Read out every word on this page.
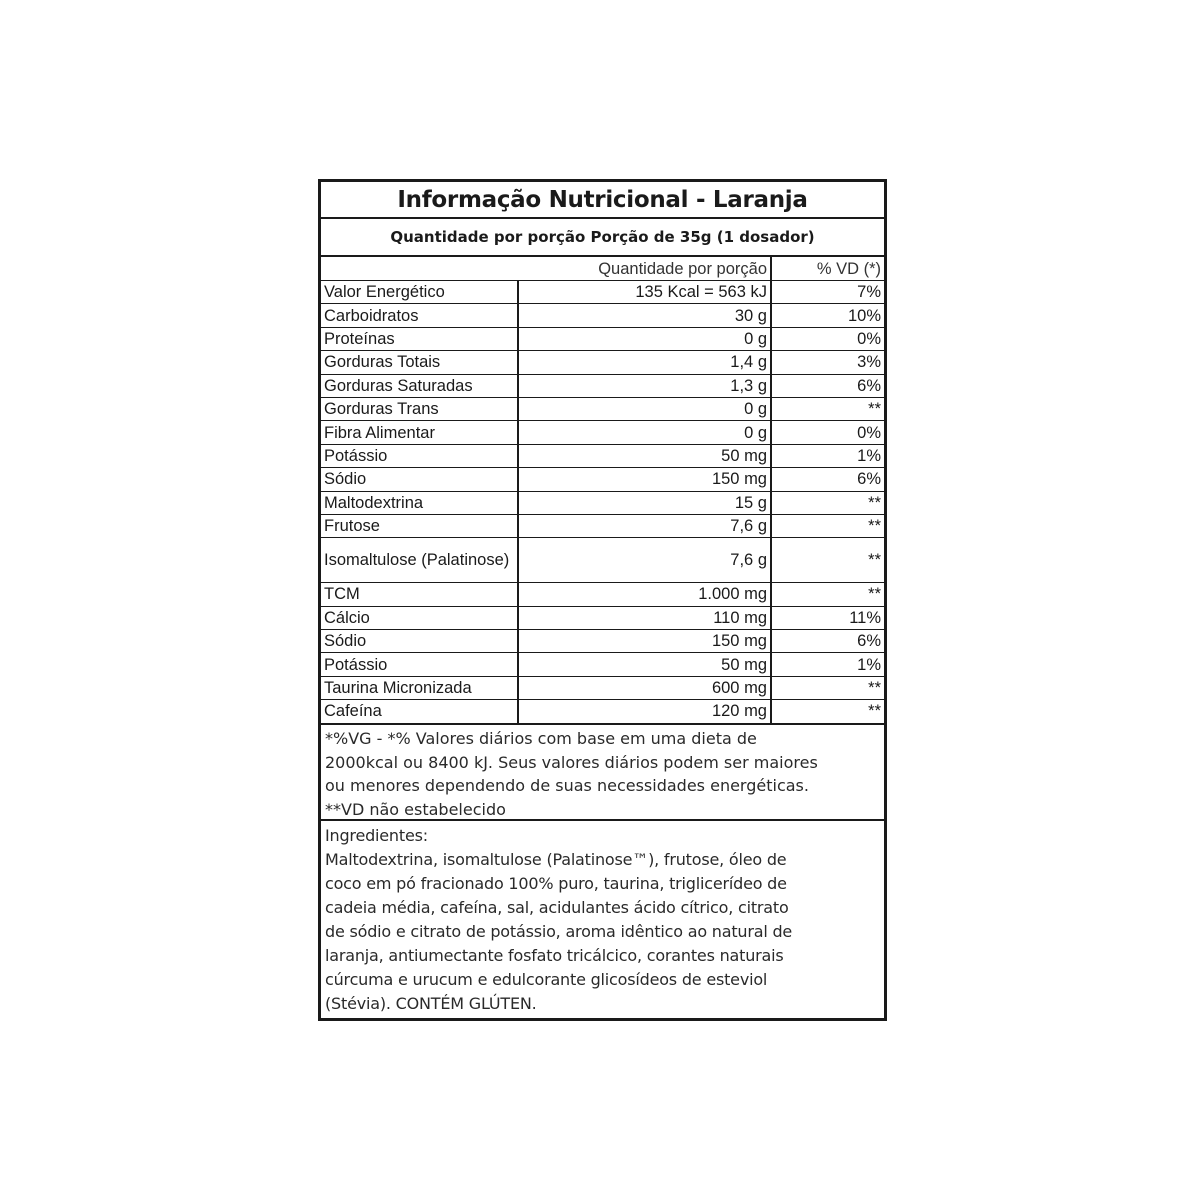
Informação Nutricional - Laranja
Quantidade por porção Porção de 35g (1 dosador)
	Quantidade por porção	% VD (*)
Valor Energético	135 Kcal = 563 kJ	7%
Carboidratos	30 g	10%
Proteínas	0 g	0%
Gorduras Totais	1,4 g	3%
Gorduras Saturadas	1,3 g	6%
Gorduras Trans	0 g	**
Fibra Alimentar	0 g	0%
Potássio	50 mg	1%
Sódio	150 mg	6%
Maltodextrina	15 g	**
Frutose	7,6 g	**
Isomaltulose (Palatinose)	7,6 g	**
TCM	1.000 mg	**
Cálcio	110 mg	11%
Sódio	150 mg	6%
Potássio	50 mg	1%
Taurina Micronizada	600 mg	**
Cafeína	120 mg	**
*%VG - *% Valores diários com base em uma dieta de
2000kcal ou 8400 kJ. Seus valores diários podem ser maiores
ou menores dependendo de suas necessidades energéticas.
**VD não estabelecido
Ingredientes:
Maltodextrina, isomaltulose (Palatinose™), frutose, óleo de
coco em pó fracionado 100% puro, taurina, triglicerídeo de
cadeia média, cafeína, sal, acidulantes ácido cítrico, citrato
de sódio e citrato de potássio, aroma idêntico ao natural de
laranja, antiumectante fosfato tricálcico, corantes naturais
cúrcuma e urucum e edulcorante glicosídeos de esteviol
(Stévia). CONTÉM GLÚTEN.
